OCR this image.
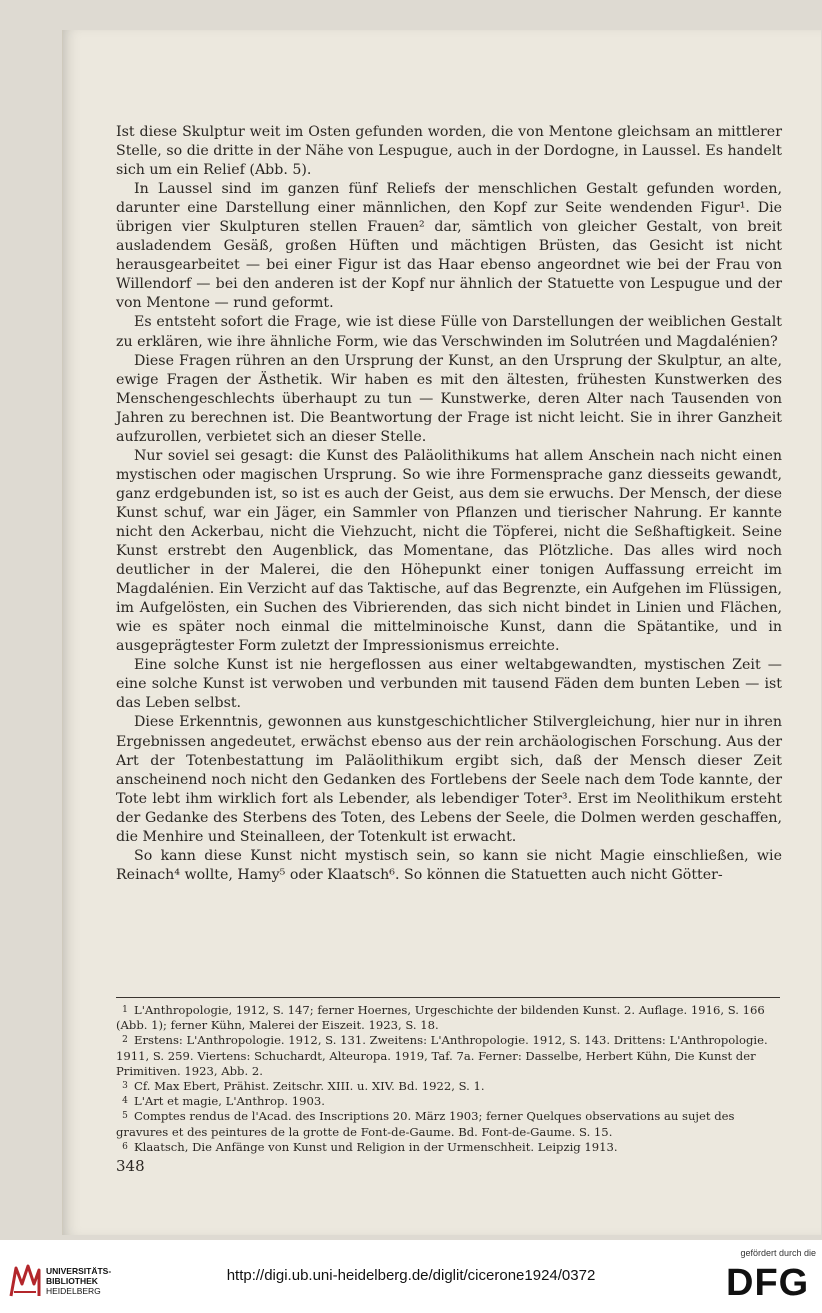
Ist diese Skulptur weit im Osten gefunden worden, die von Mentone gleichsam an mittlerer Stelle, so die dritte in der Nähe von Lespugue, auch in der Dordogne, in Laussel. Es handelt sich um ein Relief (Abb. 5).

In Laussel sind im ganzen fünf Reliefs der menschlichen Gestalt gefunden worden, darunter eine Darstellung einer männlichen, den Kopf zur Seite wendenden Figur¹. Die übrigen vier Skulpturen stellen Frauen² dar, sämtlich von gleicher Gestalt, von breit ausladendem Gesäß, großen Hüften und mächtigen Brüsten, das Gesicht ist nicht herausgearbeitet — bei einer Figur ist das Haar ebenso angeordnet wie bei der Frau von Willendorf — bei den anderen ist der Kopf nur ähnlich der Statuette von Lespugue und der von Mentone — rund geformt.

Es entsteht sofort die Frage, wie ist diese Fülle von Darstellungen der weiblichen Gestalt zu erklären, wie ihre ähnliche Form, wie das Verschwinden im Solutréen und Magdalénien?

Diese Fragen rühren an den Ursprung der Kunst, an den Ursprung der Skulptur, an alte, ewige Fragen der Ästhetik. Wir haben es mit den ältesten, frühesten Kunstwerken des Menschengeschlechts überhaupt zu tun — Kunstwerke, deren Alter nach Tausenden von Jahren zu berechnen ist. Die Beantwortung der Frage ist nicht leicht. Sie in ihrer Ganzheit aufzurollen, verbietet sich an dieser Stelle.

Nur soviel sei gesagt: die Kunst des Paläolithikums hat allem Anschein nach nicht einen mystischen oder magischen Ursprung. So wie ihre Formensprache ganz diesseits gewandt, ganz erdgebunden ist, so ist es auch der Geist, aus dem sie erwuchs. Der Mensch, der diese Kunst schuf, war ein Jäger, ein Sammler von Pflanzen und tierischer Nahrung. Er kannte nicht den Ackerbau, nicht die Viehzucht, nicht die Töpferei, nicht die Seßhaftigkeit. Seine Kunst erstrebt den Augenblick, das Momentane, das Plötzliche. Das alles wird noch deutlicher in der Malerei, die den Höhepunkt einer tonigen Auffassung erreicht im Magdalénien. Ein Verzicht auf das Taktische, auf das Begrenzte, ein Aufgehen im Flüssigen, im Aufgelösten, ein Suchen des Vibrierenden, das sich nicht bindet in Linien und Flächen, wie es später noch einmal die mittelminoische Kunst, dann die Spätantike, und in ausgeprägtester Form zuletzt der Impressionismus erreichte.

Eine solche Kunst ist nie hergeflossen aus einer weltabgewandten, mystischen Zeit — eine solche Kunst ist verwoben und verbunden mit tausend Fäden dem bunten Leben — ist das Leben selbst.

Diese Erkenntnis, gewonnen aus kunstgeschichtlicher Stilvergleichung, hier nur in ihren Ergebnissen angedeutet, erwächst ebenso aus der rein archäologischen Forschung. Aus der Art der Totenbestattung im Paläolithikum ergibt sich, daß der Mensch dieser Zeit anscheinend noch nicht den Gedanken des Fortlebens der Seele nach dem Tode kannte, der Tote lebt ihm wirklich fort als Lebender, als lebendiger Toter³. Erst im Neolithikum ersteht der Gedanke des Sterbens des Toten, des Lebens der Seele, die Dolmen werden geschaffen, die Menhire und Steinalleen, der Totenkult ist erwacht.

So kann diese Kunst nicht mystisch sein, so kann sie nicht Magie einschließen, wie Reinach⁴ wollte, Hamy⁵ oder Klaatsch⁶. So können die Statuetten auch nicht Götter-

1 L'Anthropologie, 1912, S. 147; ferner Hoernes, Urgeschichte der bildenden Kunst. 2. Auflage. 1916, S. 166 (Abb. 1); ferner Kühn, Malerei der Eiszeit. 1923, S. 18.
2 Erstens: L'Anthropologie. 1912, S. 131. Zweitens: L'Anthropologie. 1912, S. 143. Drittens: L'Anthropologie. 1911, S. 259. Viertens: Schuchardt, Alteuropa. 1919, Taf. 7a. Ferner: Dasselbe, Herbert Kühn, Die Kunst der Primitiven. 1923, Abb. 2.
3 Cf. Max Ebert, Prähist. Zeitschr. XIII. u. XIV. Bd. 1922, S. 1.
4 L'Art et magie, L'Anthrop. 1903.
5 Comptes rendus de l'Acad. des Inscriptions 20. März 1903; ferner Quelques observations au sujet des gravures et des peintures de la grotte de Font-de-Gaume. Bd. Font-de-Gaume. S. 15.
6 Klaatsch, Die Anfänge von Kunst und Religion in der Urmenschheit. Leipzig 1913.
348
UNIVERSITÄTS-
BIBLIOTHEK
HEIDELBERG
http://digi.ub.uni-heidelberg.de/diglit/cicerone1924/0372
gefördert durch die
DFG
